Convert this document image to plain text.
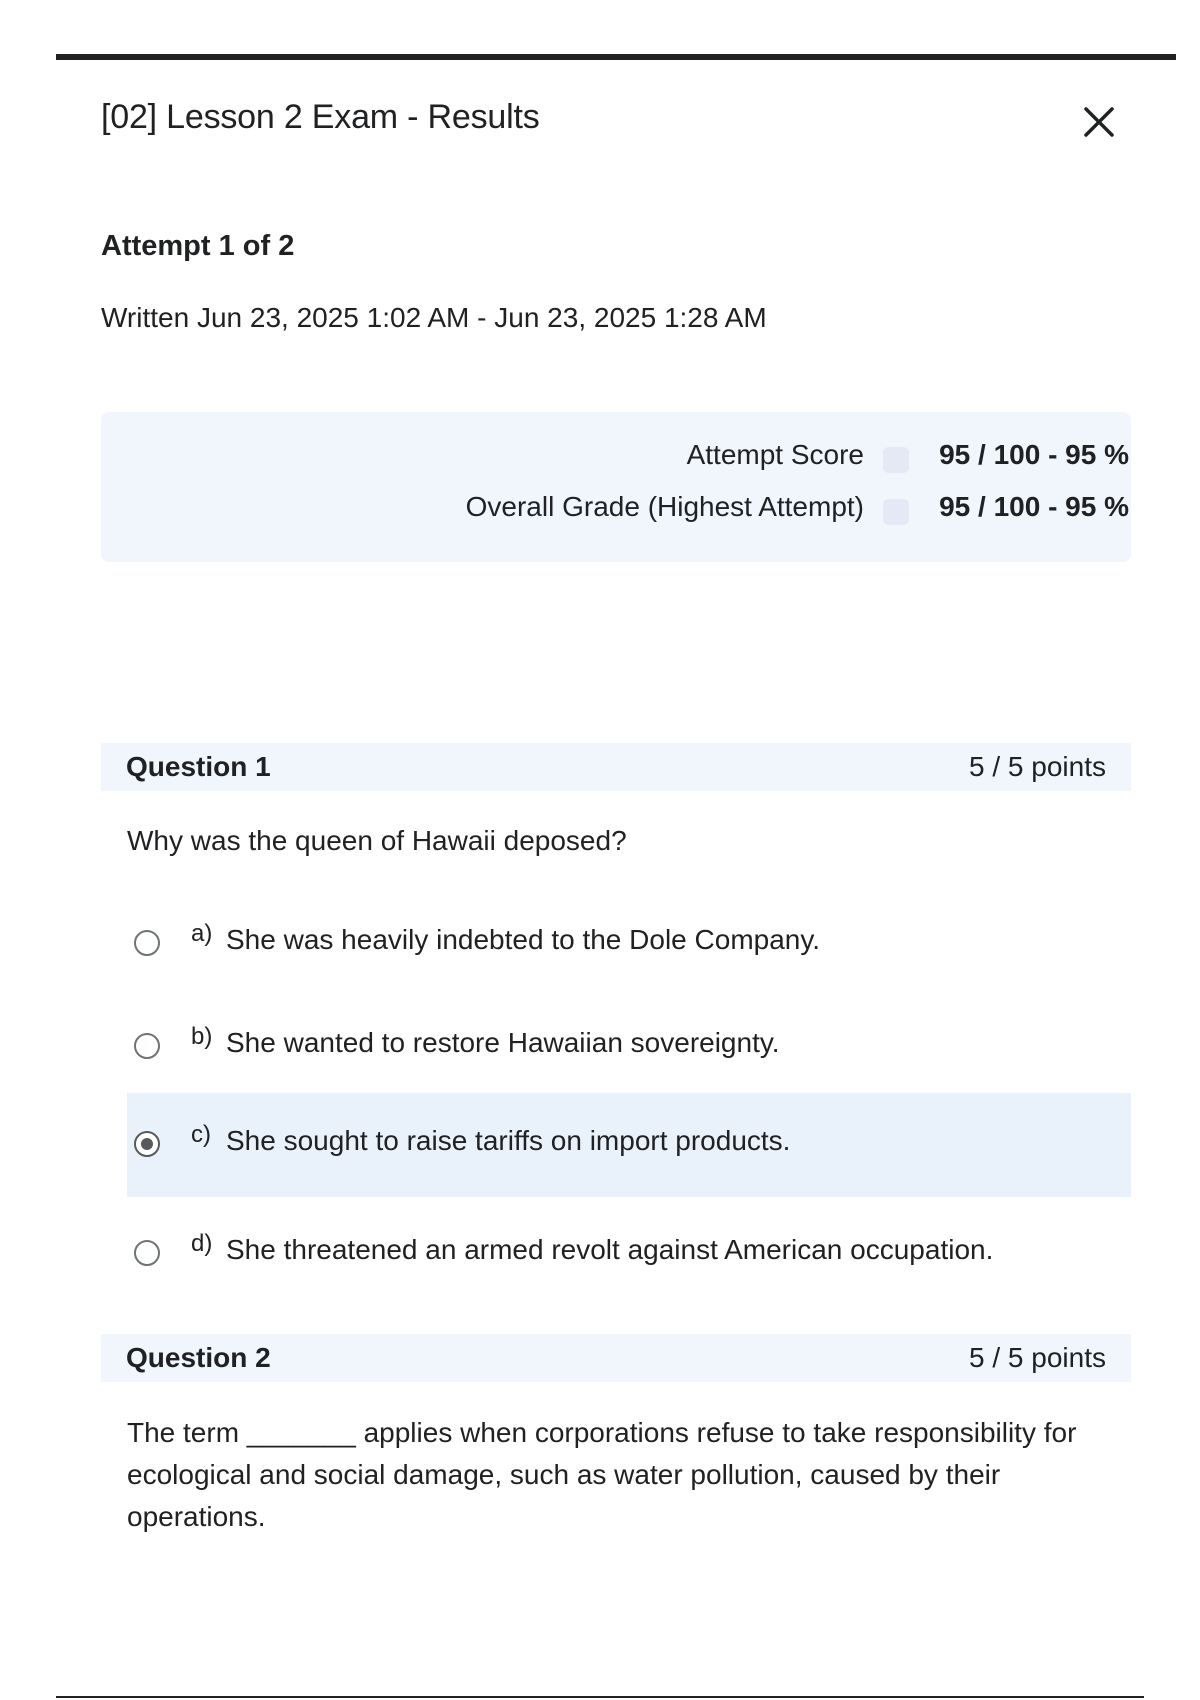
[02] Lesson 2 Exam - Results
Attempt 1 of 2
Written Jun 23, 2025 1:02 AM - Jun 23, 2025 1:28 AM
Attempt Score	95 / 100 - 95 %
Overall Grade (Highest Attempt)	95 / 100 - 95 %
Question 1	5 / 5 points
Why was the queen of Hawaii deposed?
a) She was heavily indebted to the Dole Company.
b) She wanted to restore Hawaiian sovereignty.
c) She sought to raise tariffs on import products.
d) She threatened an armed revolt against American occupation.
Question 2	5 / 5 points
The term _______ applies when corporations refuse to take responsibility for
ecological and social damage, such as water pollution, caused by their
operations.
